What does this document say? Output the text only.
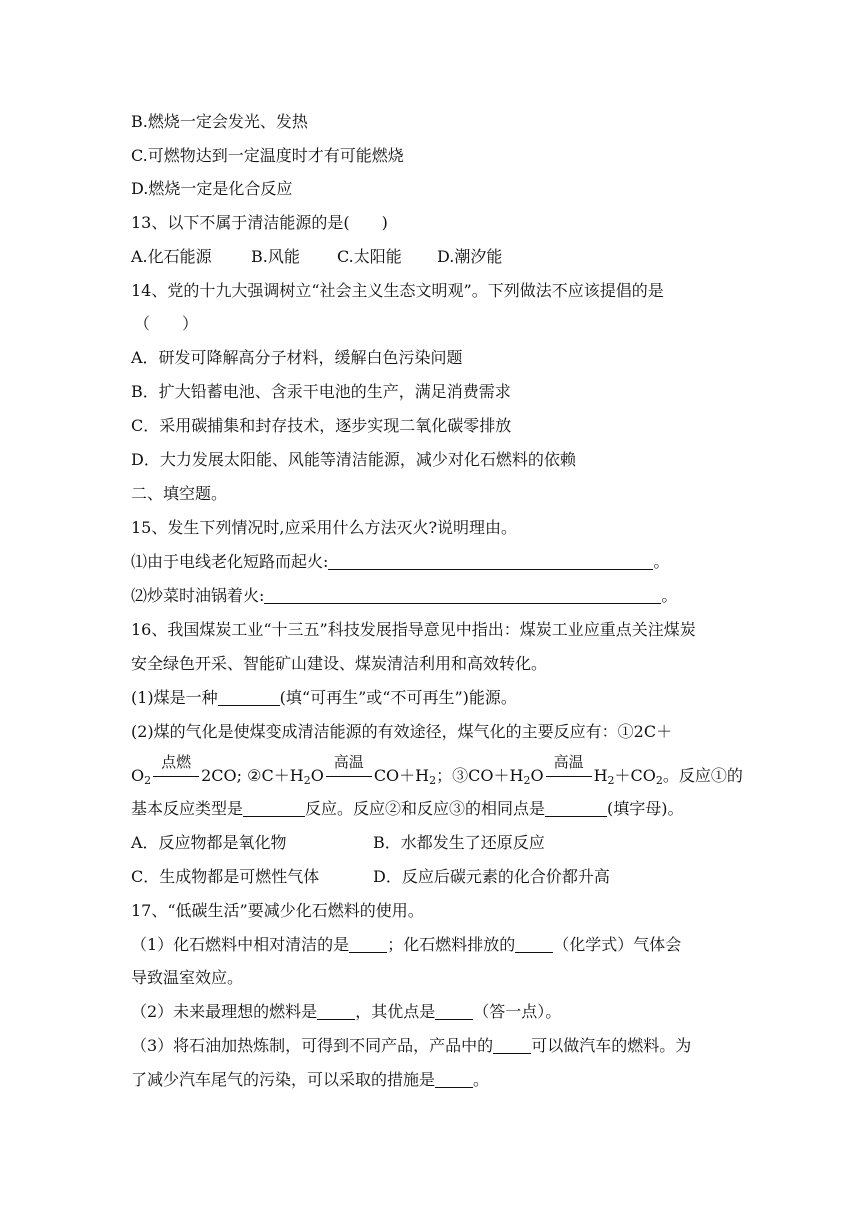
B.燃烧一定会发光、发热
C.可燃物达到一定温度时才有可能燃烧
D.燃烧一定是化合反应
13、以下不属于清洁能源的是(　　)
A.化石能源 B.风能 C.太阳能 D.潮汐能
14、党的十九大强调树立“社会主义生态文明观”。下列做法不应该提倡的是
（　　）
A．研发可降解高分子材料，缓解白色污染问题
B．扩大铅蓄电池、含汞干电池的生产，满足消费需求
C．采用碳捕集和封存技术，逐步实现二氧化碳零排放
D．大力发展太阳能、风能等清洁能源，减少对化石燃料的依赖
二、填空题。
15、发生下列情况时,应采用什么方法灭火?说明理由。
⑴由于电线老化短路而起火:	。
⑵炒菜时油锅着火:	。
16、我国煤炭工业“十三五”科技发展指导意见中指出：煤炭工业应重点关注煤炭
安全绿色开采、智能矿山建设、煤炭清洁利用和高效转化。
(1)煤是一种	(填“可再生”或“不可再生”)能源。
(2)煤的气化是使煤变成清洁能源的有效途径，煤气化的主要反应有：①2C＋
$O_2$
点燃
2CO; $②C+H_2O$
高温
$CO+H_2$；$③CO+H_2O$
高温
$H_2+CO_2$。反应①的
基本反应类型是	反应。反应②和反应③的相同点是	(填字母)。
A．反应物都是氧化物	B．水都发生了还原反应
C．生成物都是可燃性气体	D．反应后碳元素的化合价都升高
17、“低碳生活”要减少化石燃料的使用。
（1）化石燃料中相对清洁的是 ；化石燃料排放的 （化学式）气体会
导致温室效应。
（2）未来最理想的燃料是 ，其优点是 （答一点）。
（3）将石油加热炼制，可得到不同产品，产品中的 可以做汽车的燃料。为
了减少汽车尾气的污染，可以采取的措施是 。
